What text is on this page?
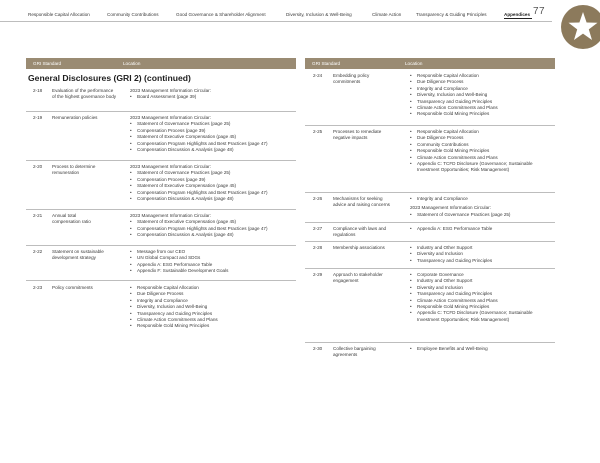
Responsible Capital Allocation	Community Contributions	Good Governance & Shareholder Alignment	Diversity, Inclusion & Well-Being	Climate Action	Transparency & Guiding Principles	Appendices 77
GRI Standard	Location	GRI Standard	Location
General Disclosures (GRI 2) (continued)
2-18 Evaluation of the performance of the highest governance body
2023 Management Information Circular:
• Board Assessment (page 39)
2-19 Remuneration policies	2023 Management Information Circular:
• Statement of Governance Practices (page 25)
• Compensation Process (page 39)
• Statement of Executive Compensation (page 45)
• Compensation Program Highlights and Best Practices (page 47)
• Compensation Discussion & Analysis (page 48)
2-20 Process to determine remuneration
2023 Management Information Circular:
• Statement of Governance Practices (page 25)
• Compensation Process (page 39)
• Statement of Executive Compensation (page 45)
• Compensation Program Highlights and Best Practices (page 47)
• Compensation Discussion & Analysis (page 48)
2-21 Annual total compensation ratio
2023 Management Information Circular:
• Statement of Executive Compensation (page 45)
• Compensation Program Highlights and Best Practices (page 47)
• Compensation Discussion & Analysis (page 48)
2-22 Statement on sustainable development strategy
• Message from our CEO
• UN Global Compact and SDGs
• Appendix A: ESG Performance Table
• Appendix F: Sustainable Development Goals
2-23 Policy commitments	• Responsible Capital Allocation
• Due Diligence Process
• Integrity and Compliance
• Diversity, Inclusion and Well-Being
• Transparency and Guiding Principles
• Climate Action Commitments and Plans
• Responsible Gold Mining Principles
2-24 Embedding policy commitments
• Responsible Capital Allocation
• Due Diligence Process
• Integrity and Compliance
• Diversity, Inclusion and Well-Being
• Transparency and Guiding Principles
• Climate Action Commitments and Plans
• Responsible Gold Mining Principles
2-25 Processes to remediate negative impacts
• Responsible Capital Allocation
• Due Diligence Process
• Community Contributions
• Responsible Gold Mining Principles
• Climate Action Commitments and Plans
• Appendix C: TCFD Disclosure (Governance; Sustainable Investment Opportunities; Risk Management)
2-26 Mechanisms for seeking advice and raising concerns
• Integrity and Compliance
2023 Management Information Circular:
• Statement of Governance Practices (page 25)
2-27 Compliance with laws and regulations
• Appendix A: ESG Performance Table
2-28 Membership associations	• Industry and Other Support
• Diversity and Inclusion
• Transparency and Guiding Principles
2-29 Approach to stakeholder engagement
• Corporate Governance
• Industry and Other Support
• Diversity and Inclusion
• Transparency and Guiding Principles
• Climate Action Commitments and Plans
• Responsible Gold Mining Principles
• Appendix C: TCFD Disclosure (Governance; Sustainable Investment Opportunities; Risk Management)
2-30 Collective bargaining agreements
• Employee Benefits and Well-Being
